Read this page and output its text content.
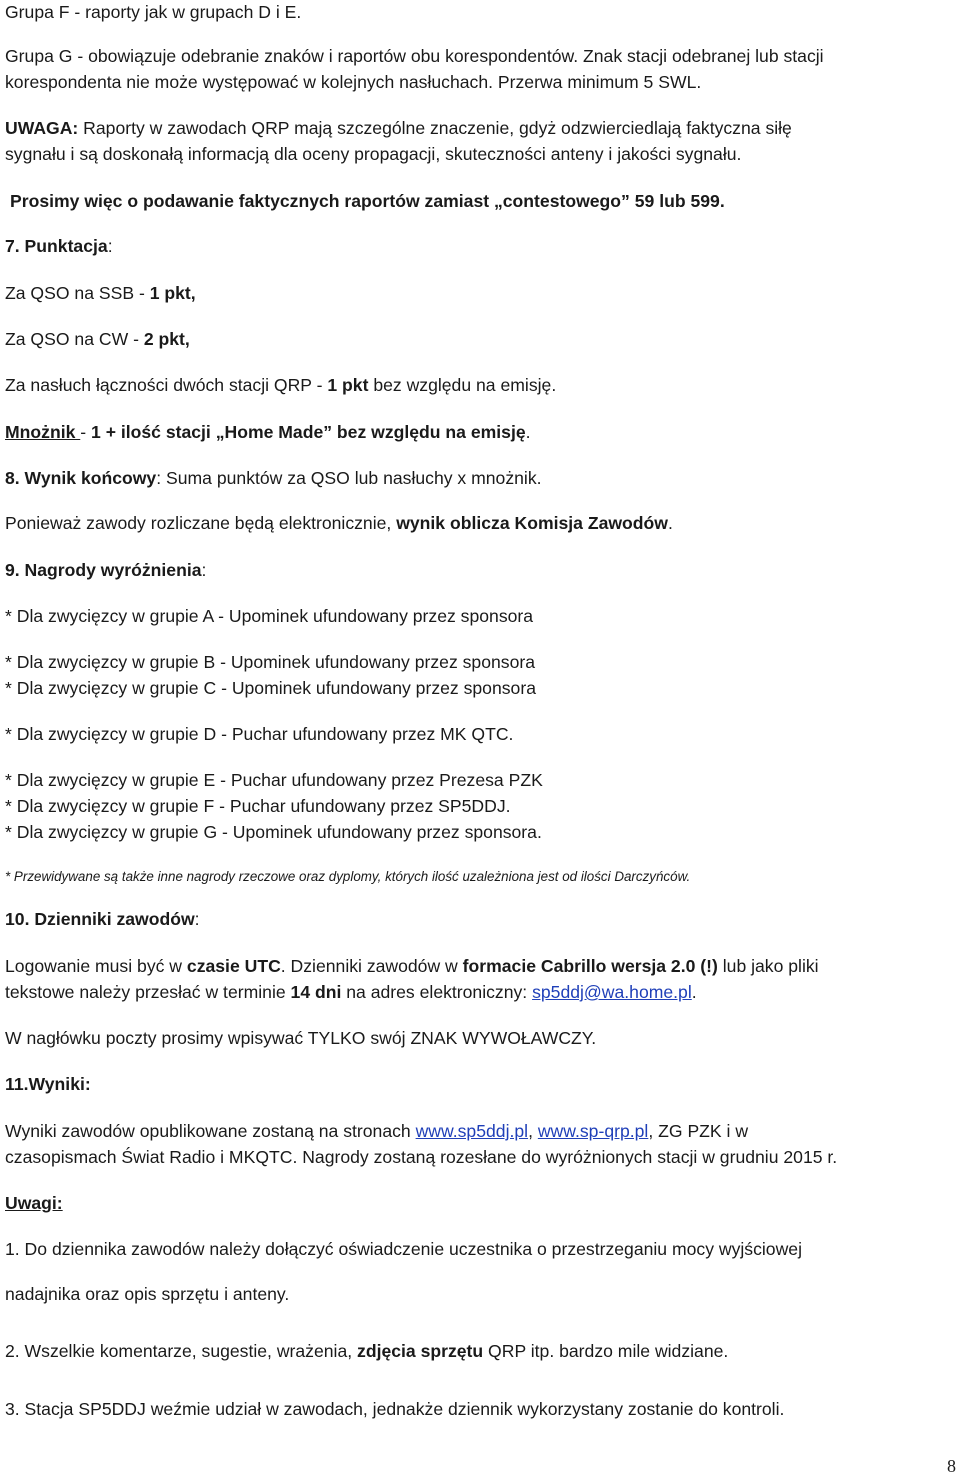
Grupa F - raporty jak w grupach D i E.
Grupa G - obowiązuje odebranie znaków i raportów obu korespondentów. Znak stacji odebranej lub stacji
korespondenta nie może występować w kolejnych nasłuchach. Przerwa minimum 5 SWL.
UWAGA: Raporty w zawodach QRP mają szczególne znaczenie, gdyż odzwierciedlają faktyczna siłę
sygnału i są doskonałą informacją dla oceny propagacji, skuteczności anteny i jakości sygnału.
Prosimy więc o podawanie faktycznych raportów zamiast „contestowego” 59 lub 599.
7. Punktacja:
Za QSO na SSB - 1 pkt,
Za QSO na CW - 2 pkt,
Za nasłuch łączności dwóch stacji QRP - 1 pkt bez względu na emisję.
Mnożnik - 1 + ilość stacji „Home Made” bez względu na emisję.
8. Wynik końcowy: Suma punktów za QSO lub nasłuchy x mnożnik.
Ponieważ zawody rozliczane będą elektronicznie, wynik oblicza Komisja Zawodów.
9. Nagrody wyróżnienia:
* Dla zwycięzcy w grupie A - Upominek ufundowany przez sponsora
* Dla zwycięzcy w grupie B - Upominek ufundowany przez sponsora
* Dla zwycięzcy w grupie C - Upominek ufundowany przez sponsora
* Dla zwycięzcy w grupie D - Puchar ufundowany przez MK QTC.
* Dla zwycięzcy w grupie E - Puchar ufundowany przez Prezesa PZK
* Dla zwycięzcy w grupie F - Puchar ufundowany przez SP5DDJ.
* Dla zwycięzcy w grupie G - Upominek ufundowany przez sponsora.
* Przewidywane są także inne nagrody rzeczowe oraz dyplomy, których ilość uzależniona jest od ilości Darczyńców.
10. Dzienniki zawodów:
Logowanie musi być w czasie UTC. Dzienniki zawodów w formacie Cabrillo wersja 2.0 (!) lub jako pliki
tekstowe należy przesłać w terminie 14 dni na adres elektroniczny: sp5ddj@wa.home.pl.
W nagłówku poczty prosimy wpisywać TYLKO swój ZNAK WYWOŁAWCZY.
11.Wyniki:
Wyniki zawodów opublikowane zostaną na stronach www.sp5ddj.pl, www.sp-qrp.pl, ZG PZK i w
czasopismach Świat Radio i MKQTC. Nagrody zostaną rozesłane do wyróżnionych stacji w grudniu 2015 r.
Uwagi:
1. Do dziennika zawodów należy dołączyć oświadczenie uczestnika o przestrzeganiu mocy wyjściowej
nadajnika oraz opis sprzętu i anteny.
2. Wszelkie komentarze, sugestie, wrażenia, zdjęcia sprzętu QRP itp. bardzo mile widziane.
3. Stacja SP5DDJ weźmie udział w zawodach, jednakże dziennik wykorzystany zostanie do kontroli.
8
